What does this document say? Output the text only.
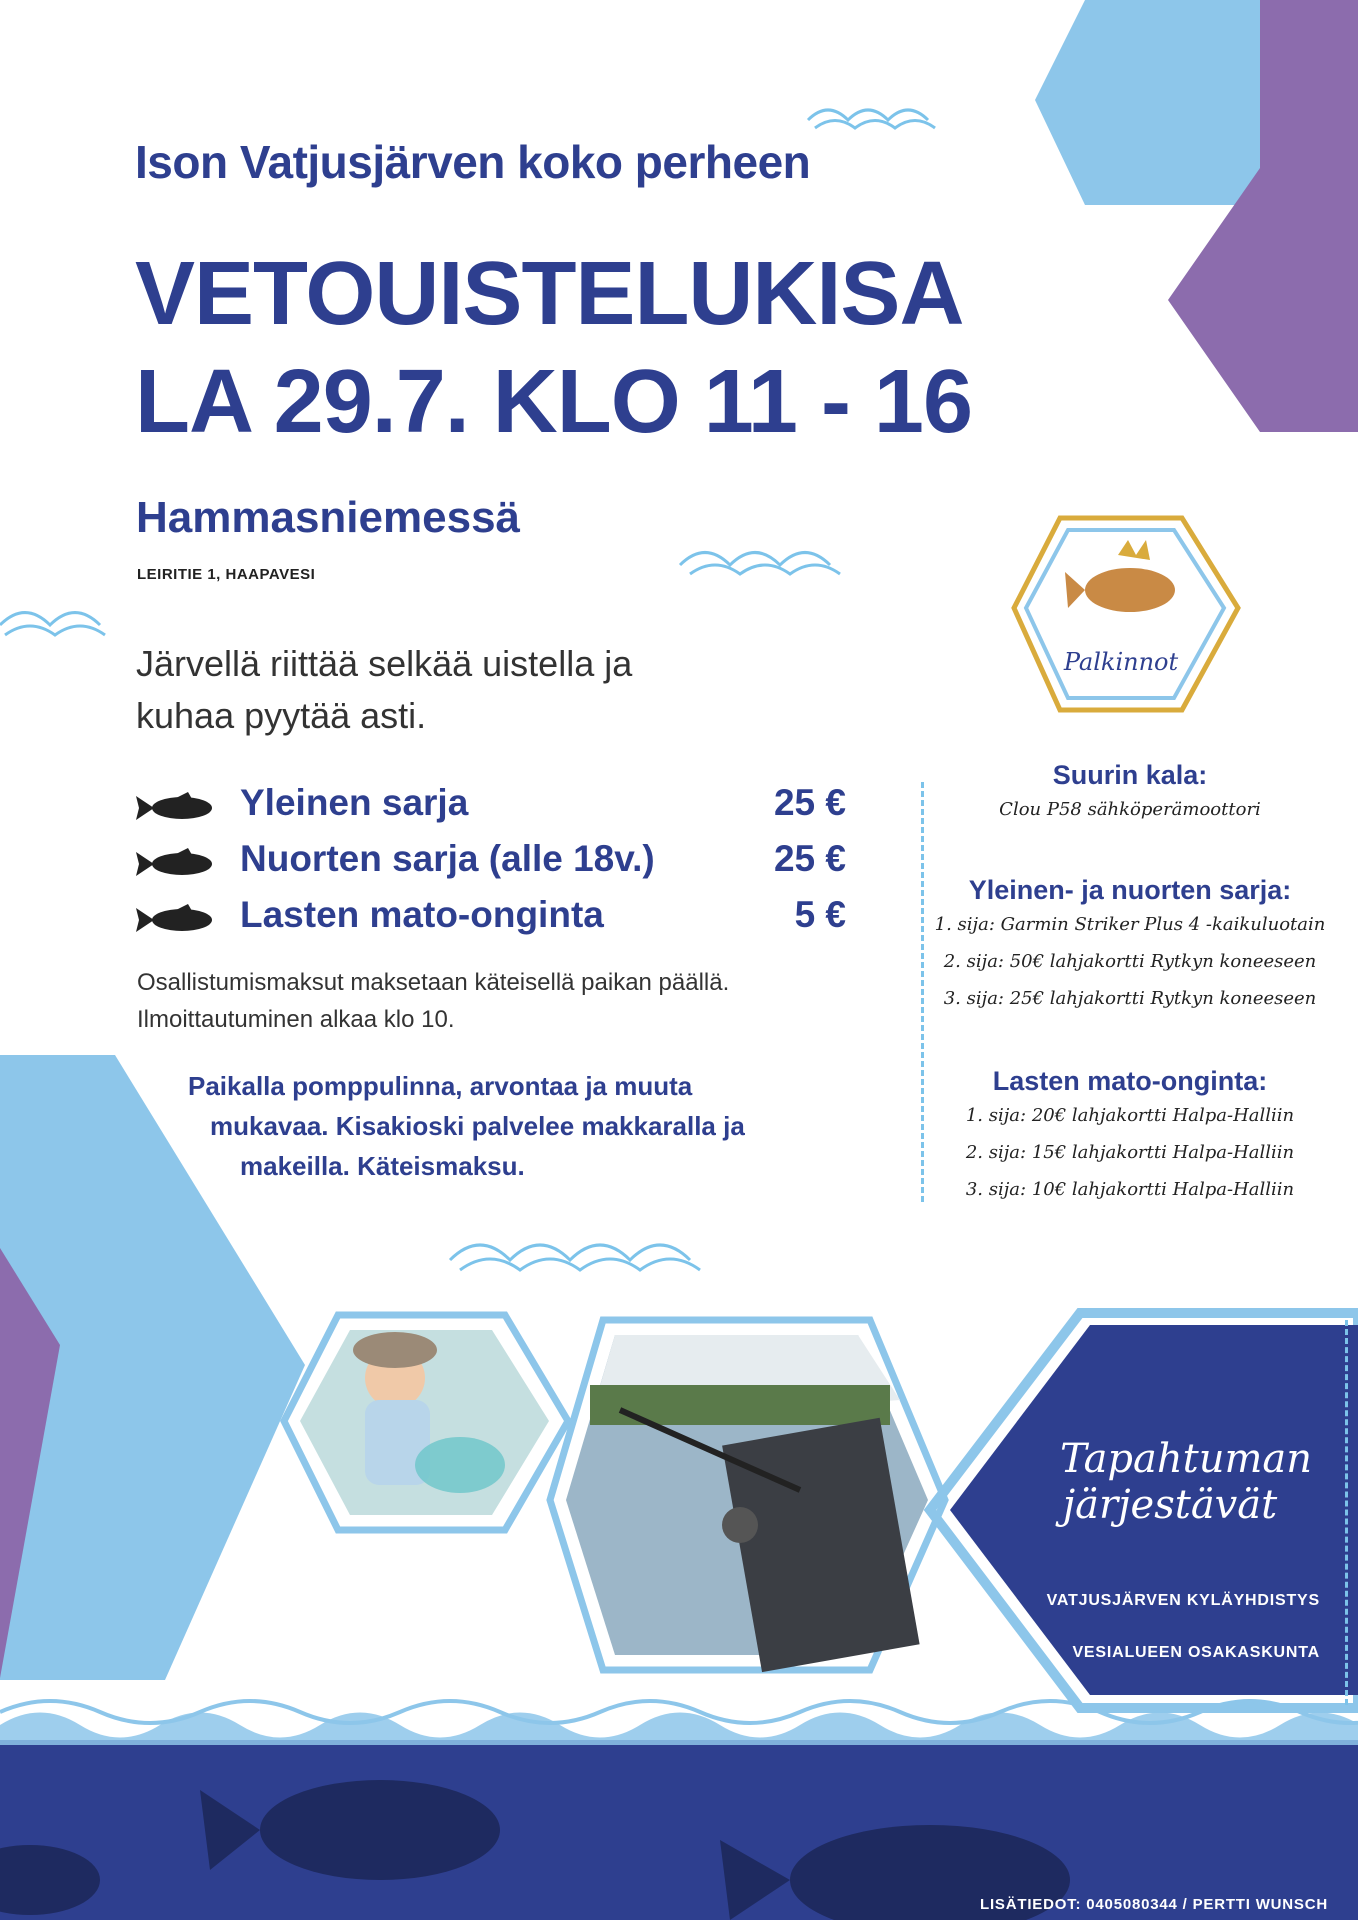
Palkinnot
Ison Vatjusjärven koko perheen
VETOUISTELUKISA
LA 29.7. KLO 11 - 16
Hammasniemessä
LEIRITIE 1, HAAPAVESI
Järvellä riittää selkää uistella ja
kuhaa pyytää asti.
Yleinen sarja	25 €
Nuorten sarja (alle 18v.)	25 €
Lasten mato-onginta	5 €
Osallistumismaksut maksetaan käteisellä paikan päällä.
Ilmoittautuminen alkaa klo 10.
Paikalla pomppulinna, arvontaa ja muuta
mukavaa. Kisakioski palvelee makkaralla ja
makeilla. Käteismaksu.
Suurin kala:
Clou P58 sähköperämoottori
Yleinen- ja nuorten sarja:
1. sija: Garmin Striker Plus 4 -kaikuluotain
2. sija: 50€ lahjakortti Rytkyn koneeseen
3. sija: 25€ lahjakortti Rytkyn koneeseen
Lasten mato-onginta:
1. sija: 20€ lahjakortti Halpa-Halliin
2. sija: 15€ lahjakortti Halpa-Halliin
3. sija: 10€ lahjakortti Halpa-Halliin
Tapahtuman
järjestävät
VATJUSJÄRVEN KYLÄYHDISTYS
VESIALUEEN OSAKASKUNTA
LISÄTIEDOT: 0405080344 / PERTTI WUNSCH
